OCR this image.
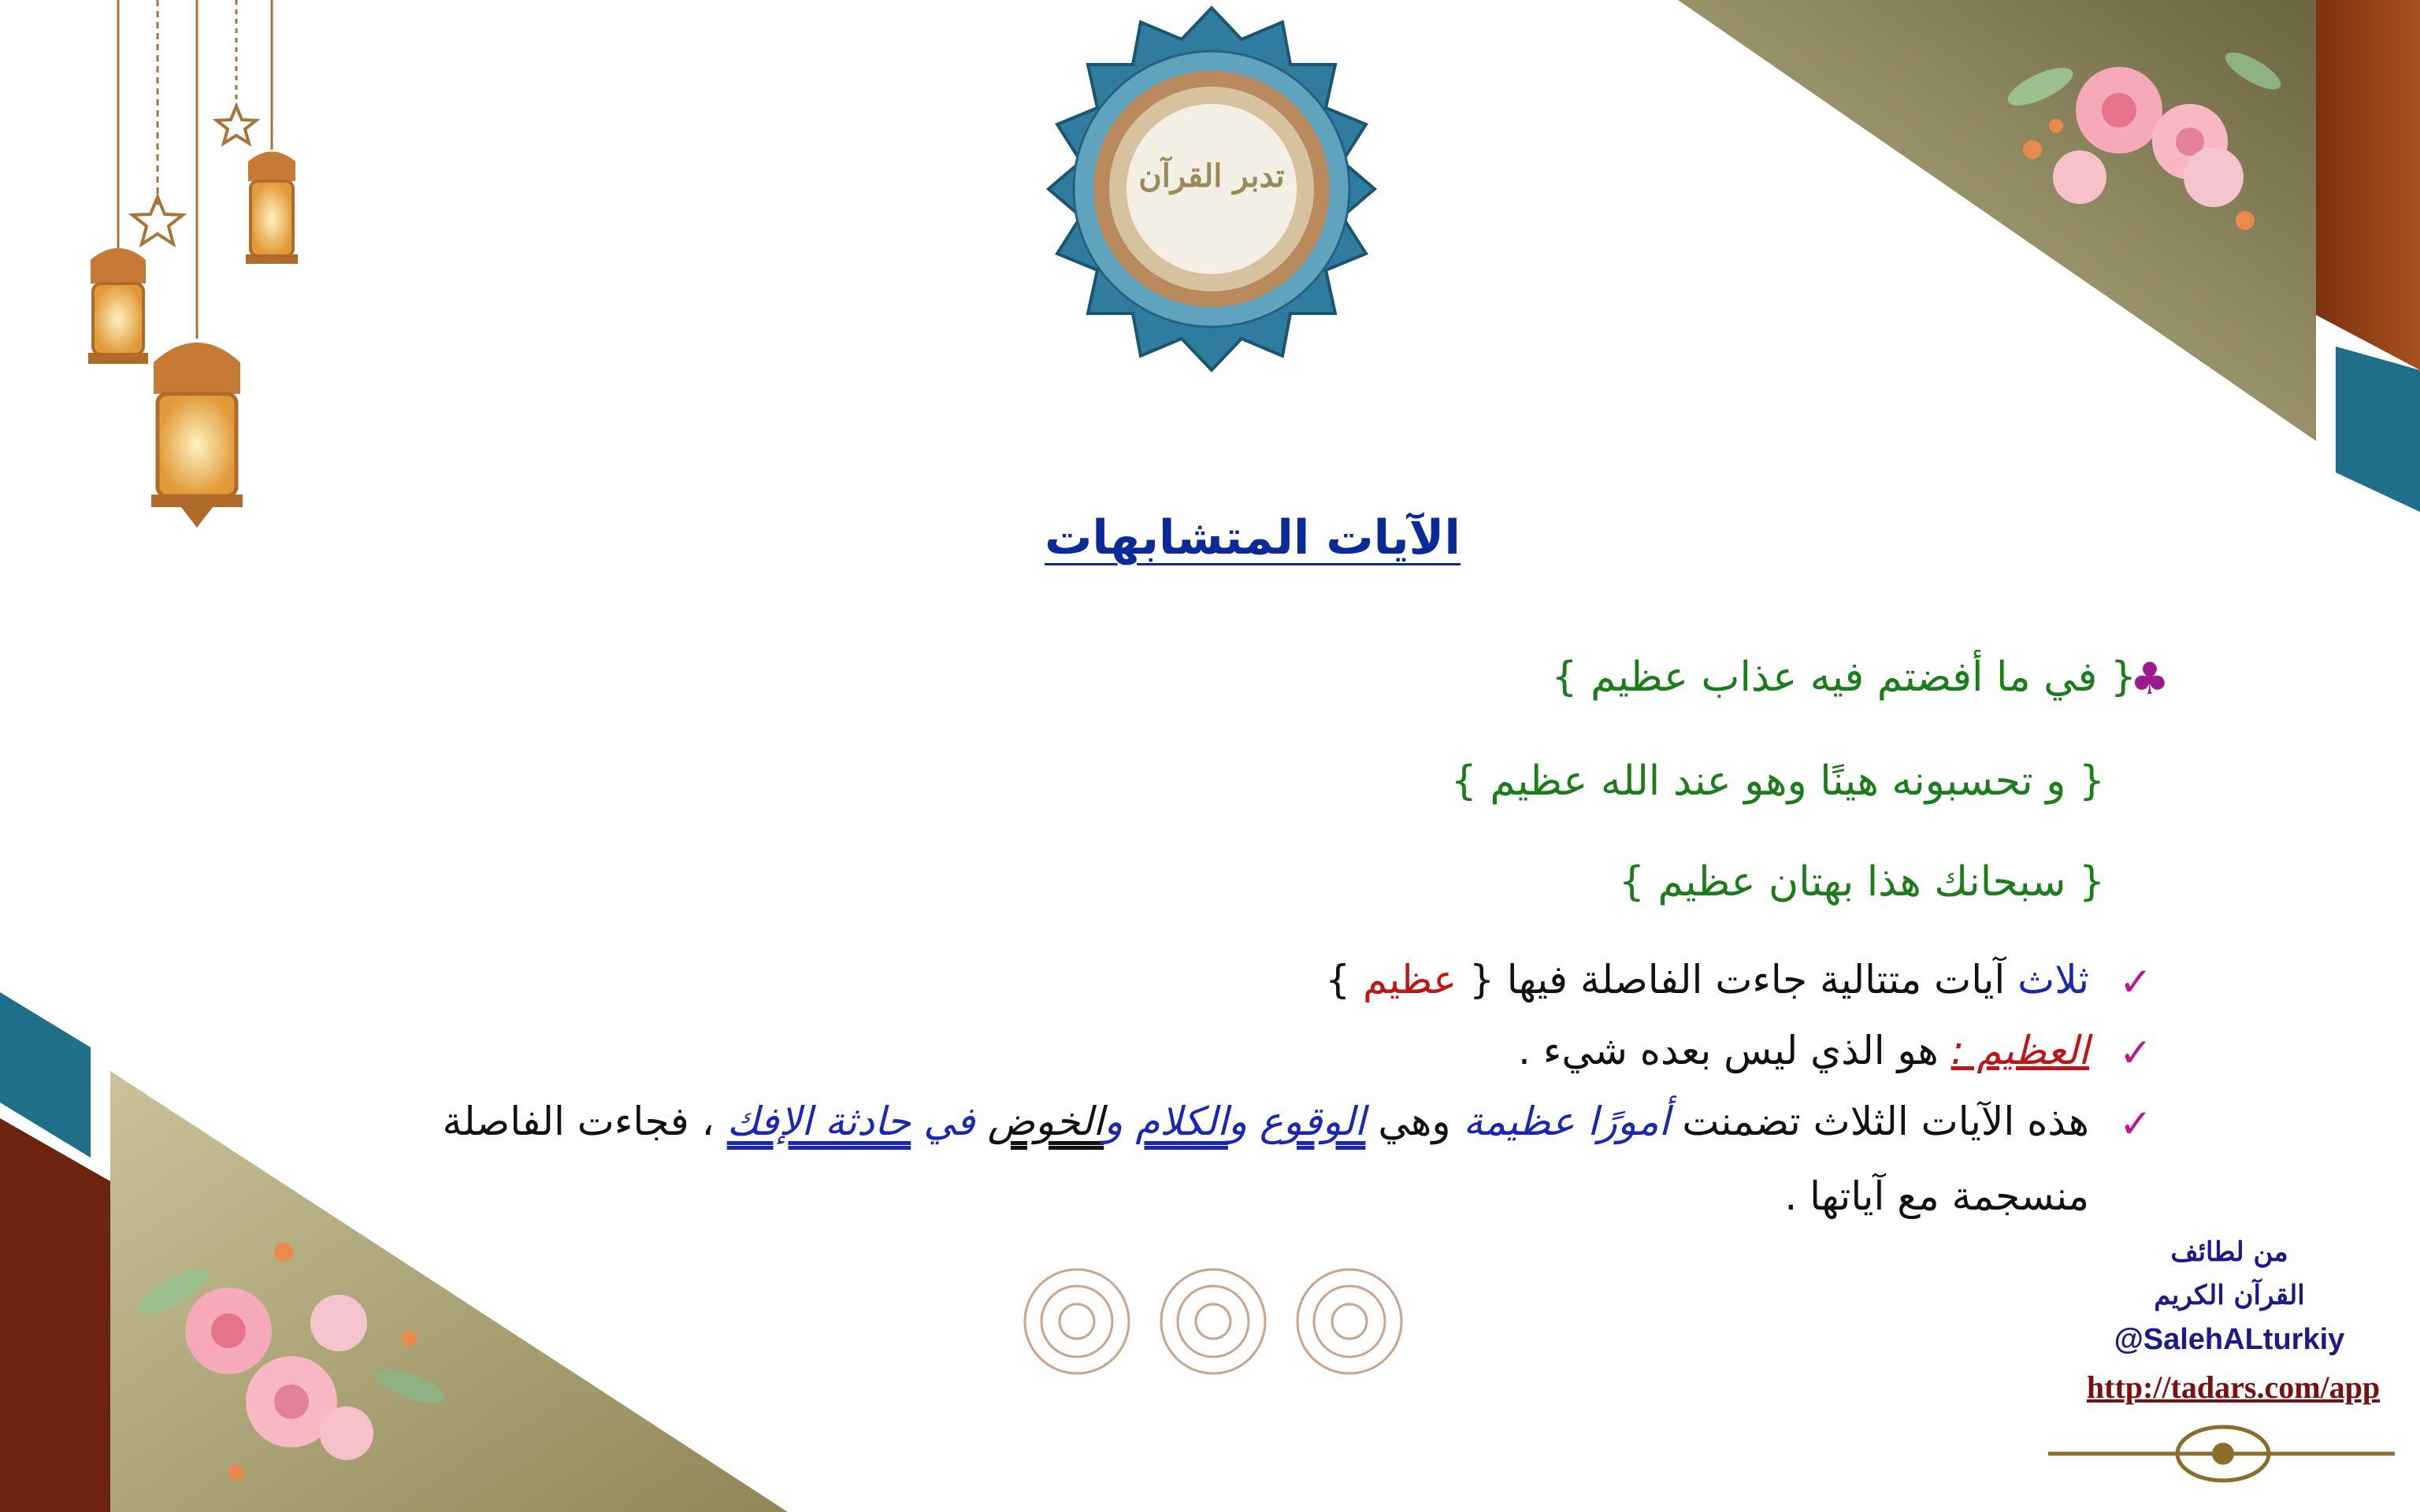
تدبر القرآن
الآيات المتشابهات
♣
{ في ما أفضتم فيه عذاب عظيم }
{ و تحسبونه هينًا وهو عند الله عظيم }
{ سبحانك هذا بهتان عظيم }
✓
ثلاث آيات متتالية جاءت الفاصلة فيها { عظيم }
✓
العظيم : هو الذي ليس بعده شيء .
✓
هذه الآيات الثلاث تضمنت أمورًا عظيمة وهي الوقوع والكلام والخوض في حادثة الإفك ، فجاءت الفاصلة
منسجمة مع آياتها .
من لطائف
القرآن الكريم
@SalehALturkiy
http://tadars.com/app
